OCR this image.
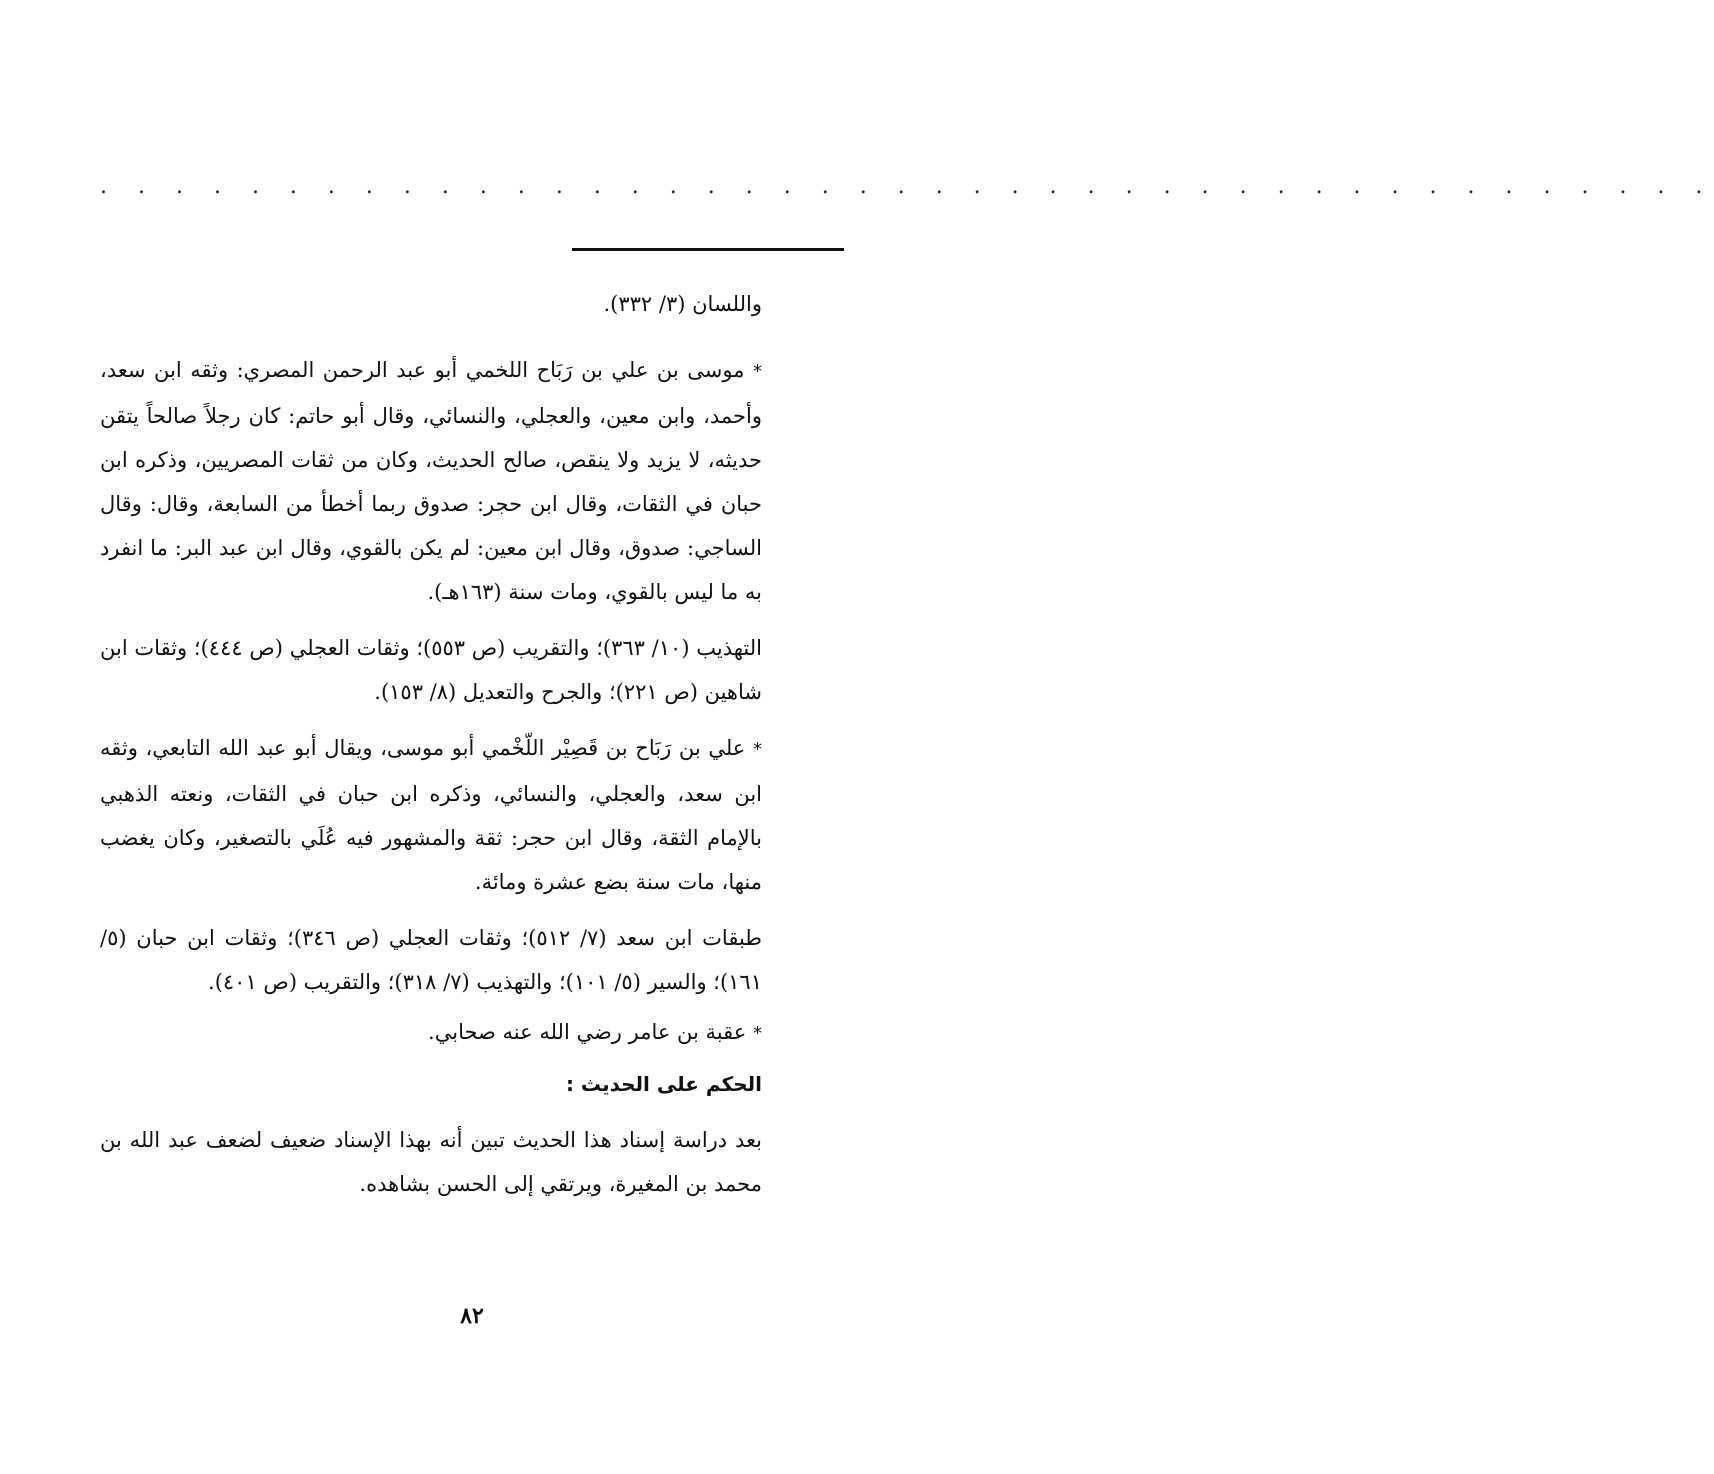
. . . . . . . . . . . . . . . . . . . . . . . . . . . . . . . . . . . . . . . . . . .

واللسان (٣/ ٣٣٢).

* موسى بن علي بن رَبَاح اللخمي أبو عبد الرحمن المصري: وثقه ابن سعد، وأحمد، وابن معين، والعجلي، والنسائي، وقال أبو حاتم: كان رجلاً صالحاً يتقن حديثه، لا يزيد ولا ينقص، صالح الحديث، وكان من ثقات المصريين، وذكره ابن حبان في الثقات، وقال ابن حجر: صدوق ربما أخطأ من السابعة، وقال: وقال الساجي: صدوق، وقال ابن معين: لم يكن بالقوي، وقال ابن عبد البر: ما انفرد به ما ليس بالقوي، ومات سنة (١٦٣هـ).

التهذيب (١٠/ ٣٦٣)؛ والتقريب (ص ٥٥٣)؛ وثقات العجلي (ص ٤٤٤)؛ وثقات ابن شاهين (ص ٢٢١)؛ والجرح والتعديل (٨/ ١٥٣).

* علي بن رَبَاح بن قَصِيْر اللّخْمي أبو موسى، ويقال أبو عبد الله التابعي، وثقه ابن سعد، والعجلي، والنسائي، وذكره ابن حبان في الثقات، ونعته الذهبي بالإمام الثقة، وقال ابن حجر: ثقة والمشهور فيه عُلَي بالتصغير، وكان يغضب منها، مات سنة بضع عشرة ومائة.

طبقات ابن سعد (٧/ ٥١٢)؛ وثقات العجلي (ص ٣٤٦)؛ وثقات ابن حبان (٥/ ١٦١)؛ والسير (٥/ ١٠١)؛ والتهذيب (٧/ ٣١٨)؛ والتقريب (ص ٤٠١).

* عقبة بن عامر رضي الله عنه صحابي.

الحكم على الحديث :

بعد دراسة إسناد هذا الحديث تبين أنه بهذا الإسناد ضعيف لضعف عبد الله بن محمد بن المغيرة، ويرتقي إلى الحسن بشاهده.

٨٢
